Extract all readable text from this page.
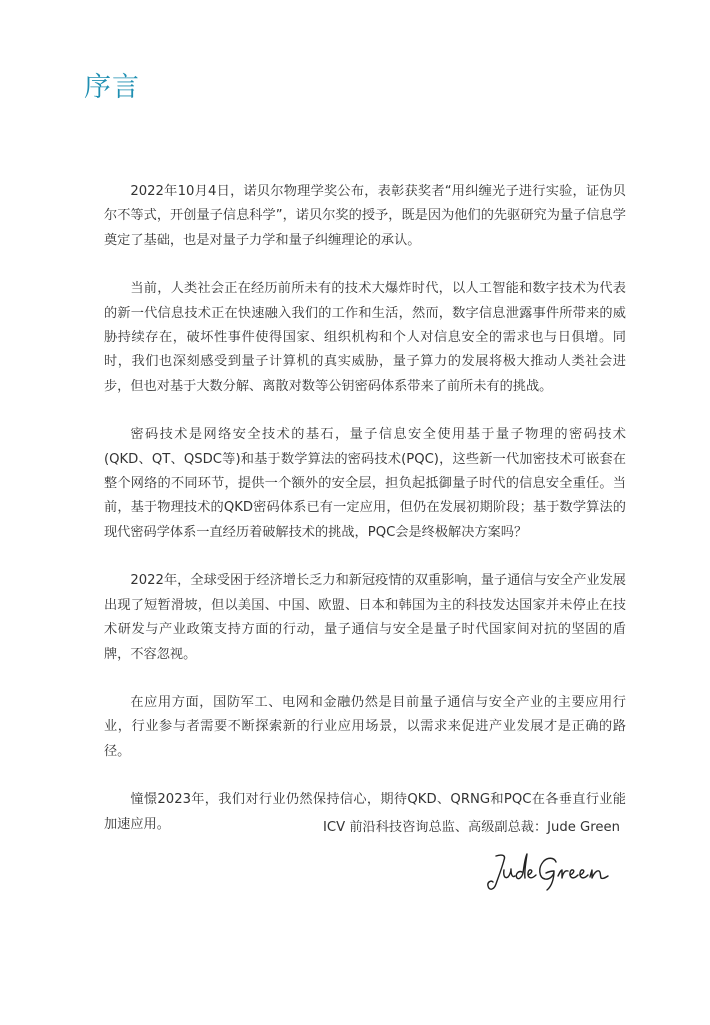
序言

2022年10月4日，诺贝尔物理学奖公布，表彰获奖者“用纠缠光子进行实验，证伪贝尔不等式，开创量子信息科学”，诺贝尔奖的授予，既是因为他们的先驱研究为量子信息学奠定了基础，也是对量子力学和量子纠缠理论的承认。

当前，人类社会正在经历前所未有的技术大爆炸时代，以人工智能和数字技术为代表的新一代信息技术正在快速融入我们的工作和生活，然而，数字信息泄露事件所带来的威胁持续存在，破坏性事件使得国家、组织机构和个人对信息安全的需求也与日俱增。同时，我们也深刻感受到量子计算机的真实威胁，量子算力的发展将极大推动人类社会进步，但也对基于大数分解、离散对数等公钥密码体系带来了前所未有的挑战。

密码技术是网络安全技术的基石，量子信息安全使用基于量子物理的密码技术(QKD、QT、QSDC等)和基于数学算法的密码技术(PQC)，这些新一代加密技术可嵌套在整个网络的不同环节，提供一个额外的安全层，担负起抵御量子时代的信息安全重任。当前，基于物理技术的QKD密码体系已有一定应用，但仍在发展初期阶段；基于数学算法的现代密码学体系一直经历着破解技术的挑战，PQC会是终极解决方案吗？

2022年，全球受困于经济增长乏力和新冠疫情的双重影响，量子通信与安全产业发展出现了短暂滑坡，但以美国、中国、欧盟、日本和韩国为主的科技发达国家并未停止在技术研发与产业政策支持方面的行动，量子通信与安全是量子时代国家间对抗的坚固的盾牌，不容忽视。

在应用方面，国防军工、电网和金融仍然是目前量子通信与安全产业的主要应用行业，行业参与者需要不断探索新的行业应用场景，以需求来促进产业发展才是正确的路径。

憧憬2023年，我们对行业仍然保持信心，期待QKD、QRNG和PQC在各垂直行业能加速应用。	ICV 前沿科技咨询总监、高级副总裁：Jude Green
